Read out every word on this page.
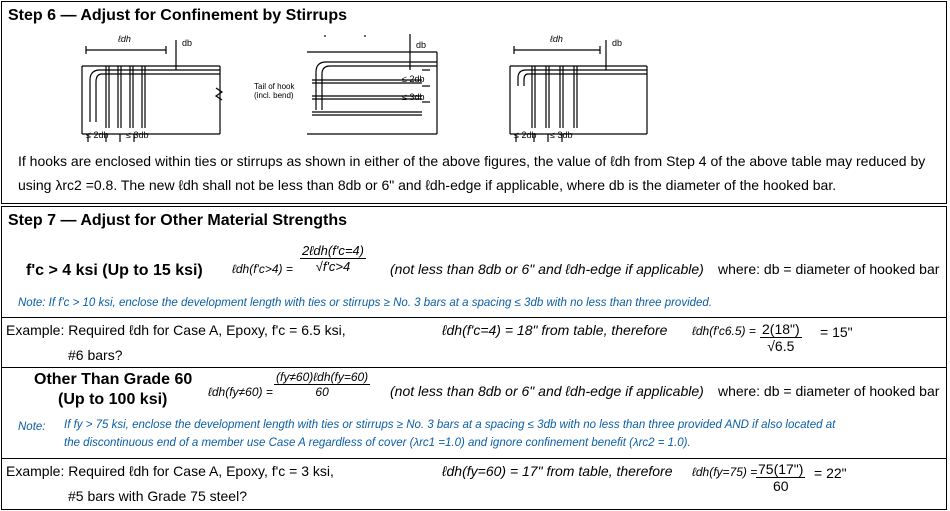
Step 6 — Adjust for Confinement by Stirrups
ℓdh	db
≤ 2db ≤ 3db
db
Tail of hook
(incl. bend)
≤ 2db
≤ 3db
ℓdh	db
≤ 2db ≤ 3db
If hooks are enclosed within ties or stirrups as shown in either of the above figures, the value of ℓdh from Step 4 of the above table may reduced by
using λrc2 =0.8. The new ℓdh shall not be less than 8db or 6" and ℓdh-edge if applicable, where db is the diameter of the hooked bar.
Step 7 — Adjust for Other Material Strengths
f'c > 4 ksi (Up to 15 ksi) ℓdh(f'c>4) =
2ℓdh(f'c=4)
√f'c>4	(not less than 8db or 6" and ℓdh-edge if applicable) where: db = diameter of hooked bar
Note: If f'c > 10 ksi, enclose the development length with ties or stirrups ≥ No. 3 bars at a spacing ≤ 3db with no less than three provided.
Example: Required ℓdh for Case A, Epoxy, f'c = 6.5 ksi,
#6 bars?
ℓdh(f'c=4) = 18" from table, therefore ℓdh(f'c6.5) = $\frac{2(18")}{√6.5} = 15$"
Other Than Grade 60
(Up to 100 ksi)	ℓdh(fy≠60) =
(fy≠60)ℓdh(fy=60)
60	(not less than 8db or 6" and ℓdh-edge if applicable) where: db = diameter of hooked bar
Note: If fy > 75 ksi, enclose the development length with ties or stirrups ≥ No. 3 bars at a spacing ≤ 3db with no less than three provided AND if also located at
the discontinuous end of a member use Case A regardless of cover (λrc1 =1.0) and ignore confinement benefit (λrc2 = 1.0).
Example: Required ℓdh for Case A, Epoxy, f'c = 3 ksi,
#5 bars with Grade 75 steel?
ℓdh(fy=60) = 17" from table, therefore ℓdh(fy=75) =
$\frac{75(17")}{60} = 22$"
